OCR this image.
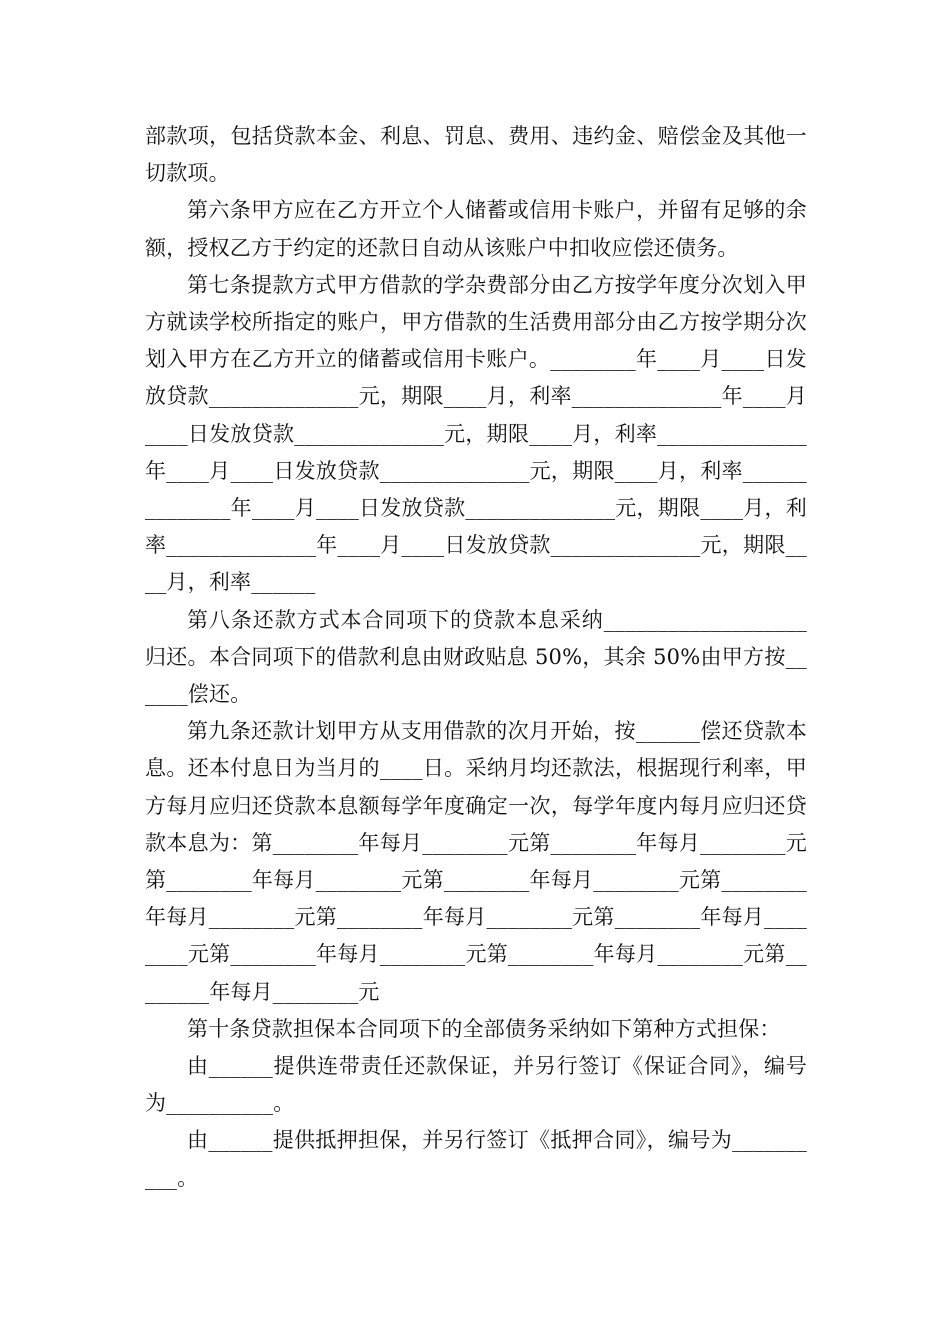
部款项，包括贷款本金、利息、罚息、费用、违约金、赔偿金及其他一切款项。

第六条甲方应在乙方开立个人储蓄或信用卡账户，并留有足够的余额，授权乙方于约定的还款日自动从该账户中扣收应偿还债务。

第七条提款方式甲方借款的学杂费部分由乙方按学年度分次划入甲方就读学校所指定的账户，甲方借款的生活费用部分由乙方按学期分次划入甲方在乙方开立的储蓄或信用卡账户。________年____月____日发放贷款______________元，期限____月，利率______________年____月____日发放贷款______________元，期限____月，利率______________年____月____日发放贷款______________元，期限____月，利率______________年____月____日发放贷款______________元，期限____月，利率______________年____月____日发放贷款______________元，期限____月，利率______

第八条还款方式本合同项下的贷款本息采纳___________________归还。本合同项下的借款利息由财政贴息 50%，其余 50%由甲方按______偿还。

第九条还款计划甲方从支用借款的次月开始，按______偿还贷款本息。还本付息日为当月的____日。采纳月均还款法，根据现行利率，甲方每月应归还贷款本息额每学年度确定一次，每学年度内每月应归还贷款本息为：第________年每月________元第________年每月________元第________年每月________元第________年每月________元第________年每月________元第________年每月________元第________年每月________元第________年每月________元第________年每月________元第________年每月________元

第十条贷款担保本合同项下的全部债务采纳如下第种方式担保：

由______提供连带责任还款保证，并另行签订《保证合同》，编号为__________。

由______提供抵押担保，并另行签订《抵押合同》，编号为__________。
